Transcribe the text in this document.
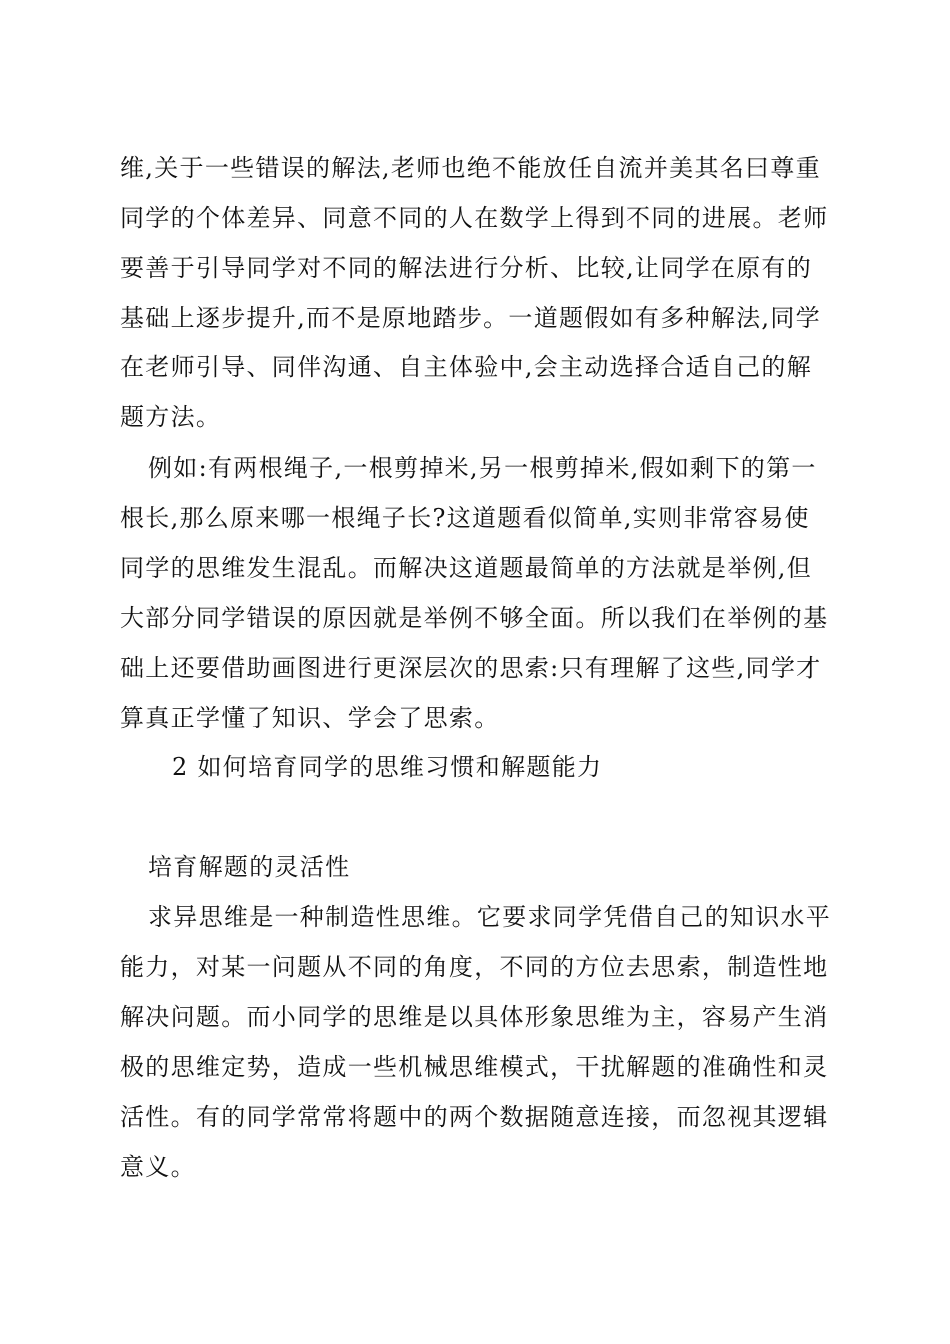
维,关于一些错误的解法,老师也绝不能放任自流并美其名曰尊重
同学的个体差异、同意不同的人在数学上得到不同的进展。老师
要善于引导同学对不同的解法进行分析、比较,让同学在原有的
基础上逐步提升,而不是原地踏步。一道题假如有多种解法,同学
在老师引导、同伴沟通、自主体验中,会主动选择合适自己的解
题方法。
例如:有两根绳子,一根剪掉米,另一根剪掉米,假如剩下的第一
根长,那么原来哪一根绳子长?这道题看似简单,实则非常容易使
同学的思维发生混乱。而解决这道题最简单的方法就是举例,但
大部分同学错误的原因就是举例不够全面。所以我们在举例的基
础上还要借助画图进行更深层次的思索:只有理解了这些,同学才
算真正学懂了知识、学会了思索。
2 如何培育同学的思维习惯和解题能力
培育解题的灵活性
求异思维是一种制造性思维。它要求同学凭借自己的知识水平
能力，对某一问题从不同的角度，不同的方位去思索，制造性地
解决问题。而小同学的思维是以具体形象思维为主，容易产生消
极的思维定势，造成一些机械思维模式，干扰解题的准确性和灵
活性。有的同学常常将题中的两个数据随意连接，而忽视其逻辑
意义。
